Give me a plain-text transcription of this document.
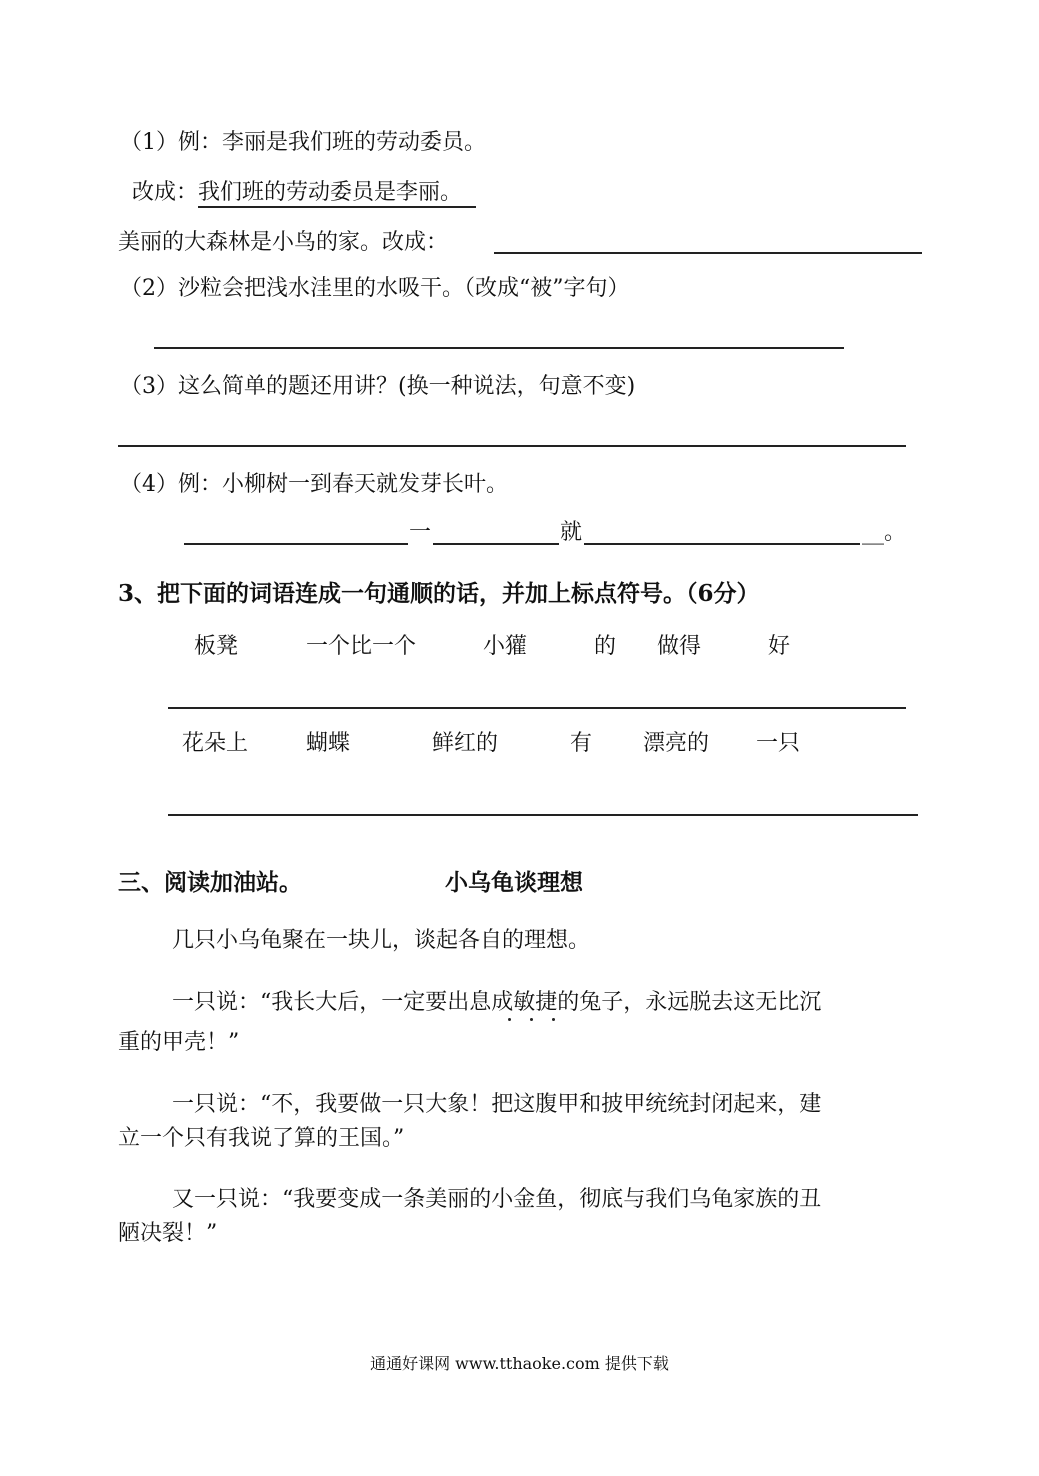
（1）例：李丽是我们班的劳动委员。
改成：我们班的劳动委员是李丽。
美丽的大森林是小鸟的家。改成：
（2）沙粒会把浅水洼里的水吸干。（改成“被”字句）
（3）这么简单的题还用讲？(换一种说法，句意不变)
（4）例：小柳树一到春天就发芽长叶。
一	就	__。
3、把下面的词语连成一句通顺的话，并加上标点符号。（6分）
板凳	一个比一个	小獾	的 做得	好
花朵上	蝴蝶	鲜红的	有 漂亮的 一只
三、阅读加油站。	小乌龟谈理想
几只小乌龟聚在一块儿，谈起各自的理想。
一只说：“我长大后，一定要出息成敏捷的兔子，永远脱去这无比沉
重的甲壳！”
一只说：“不，我要做一只大象！把这腹甲和披甲统统封闭起来，建
立一个只有我说了算的王国。”
又一只说：“我要变成一条美丽的小金鱼，彻底与我们乌龟家族的丑
陋决裂！”
通通好课网 www.tthaoke.com 提供下载
